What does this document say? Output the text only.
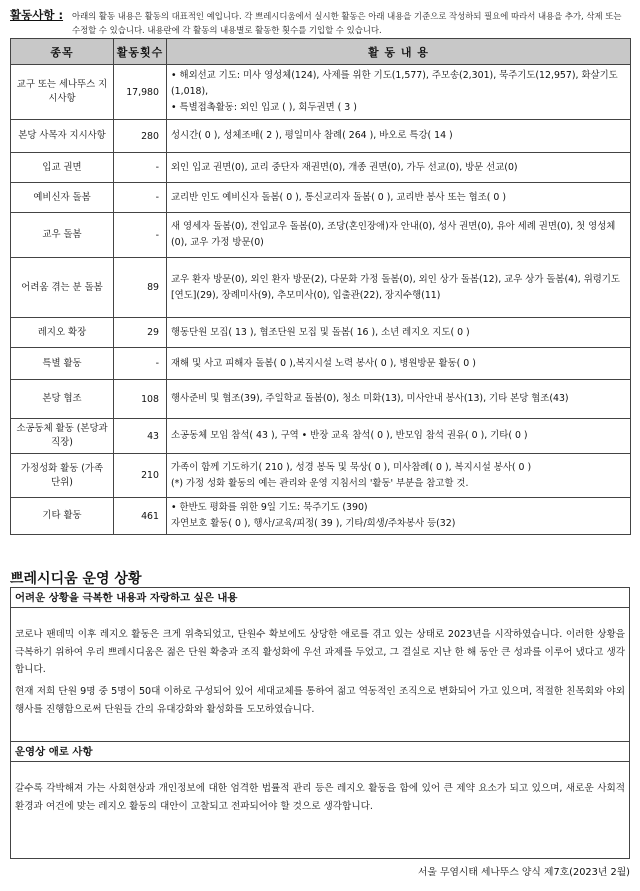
활동사항 : 아래의 활동 내용은 활동의 대표적인 예입니다. 각 쁘레시디움에서 실시한 활동은 아래 내용을 기준으로 작성하되 필요에 따라서 내용을 추가, 삭제 또는 수정할 수 있습니다. 내용란에 각 활동의 내용별로 활동한 횟수를 기입할 수 있습니다.
종목	활동횟수	활 동 내 용
교구 또는 세나뚜스 지시사항	17,980	• 해외선교 기도: 미사 영성체(124), 사제를 위한 기도(1,577), 주모송(2,301), 묵주기도(12,957), 화살기도(1,018),
• 특별접촉활동: 외인 입교 ( ), 회두권면 ( 3 )

본당 사목자 지시사항	280	성시간( 0 ), 성체조배( 2 ), 평일미사 참례( 264 ), 바오로 특강( 14 )

입교 권면	-	외인 입교 권면(0), 교리 중단자 재권면(0), 개종 권면(0), 가두 선교(0), 방문 선교(0)

예비신자 돌봄	-	교리반 인도 예비신자 돌봄( 0 ), 통신교리자 돌봄( 0 ), 교리반 봉사 또는 협조( 0 )

교우 돌봄	-	새 영세자 돌봄(0), 전입교우 돌봄(0), 조당(혼인장애)자 안내(0), 성사 권면(0), 유아 세례 권면(0), 첫 영성체(0), 교우 가정 방문(0)

어려움 겪는 분 돌봄	89	교우 환자 방문(0), 외인 환자 방문(2), 다문화 가정 돌봄(0), 외인 상가 돌봄(12), 교우 상가 돌봄(4), 위령기도[연도](29), 장례미사(9), 추모미사(0), 입출관(22), 장지수행(11)

레지오 확장	29	행동단원 모집( 13 ), 협조단원 모집 및 돌봄( 16 ), 소년 레지오 지도( 0 )

특별 활동	-	재해 및 사고 피해자 돌봄( 0 ),복지시설 노력 봉사( 0 ), 병원방문 활동( 0 )

본당 협조	108	행사준비 및 협조(39), 주일학교 돌봄(0), 청소 미화(13), 미사안내 봉사(13), 기타 본당 협조(43)

소공동체 활동 (본당과 직장)	43	소공동체 모임 참석( 43 ), 구역 • 반장 교육 참석( 0 ), 반모임 참석 권유( 0 ), 기타( 0 )

가정성화 활동 (가족 단위)	210	가족이 함께 기도하기( 210 ), 성경 봉독 및 묵상( 0 ), 미사참례( 0 ), 복지시설 봉사( 0 )
(*) 가정 성화 활동의 예는 관리와 운영 지침서의 '활동' 부분을 참고할 것.

기타 활동	461	• 한반도 평화를 위한 9일 기도: 묵주기도 (390)
자연보호 활동( 0 ), 행사/교육/피정( 39 ), 기타/희생/주차봉사 등(32)
쁘레시디움 운영 상황
어려운 상황을 극복한 내용과 자랑하고 싶은 내용
코로나 팬데믹 이후 레지오 활동은 크게 위축되었고, 단원수 확보에도 상당한 애로를 겪고 있는 상태로 2023년을 시작하였습니다. 이러한 상황을 극복하기 위하여 우리 쁘레시디움은 젊은 단원 확충과 조직 활성화에 우선 과제를 두었고, 그 결실로 지난 한 해 동안 큰 성과를 이루어 냈다고 생각합니다.
현재 저희 단원 9명 중 5명이 50대 이하로 구성되어 있어 세대교체를 통하여 젊고 역동적인 조직으로 변화되어 가고 있으며, 적절한 친목회와 야외행사를 진행함으로써 단원들 간의 유대강화와 활성화를 도모하였습니다.
운영상 애로 사항
갈수록 각박해져 가는 사회현상과 개인정보에 대한 엄격한 법률적 관리 등은 레지오 활동을 함에 있어 큰 제약 요소가 되고 있으며, 새로운 사회적 환경과 여건에 맞는 레지오 활동의 대안이 고찰되고 전파되어야 할 것으로 생각합니다.
서울 무염시태 세나뚜스 양식 제7호(2023년 2월)
